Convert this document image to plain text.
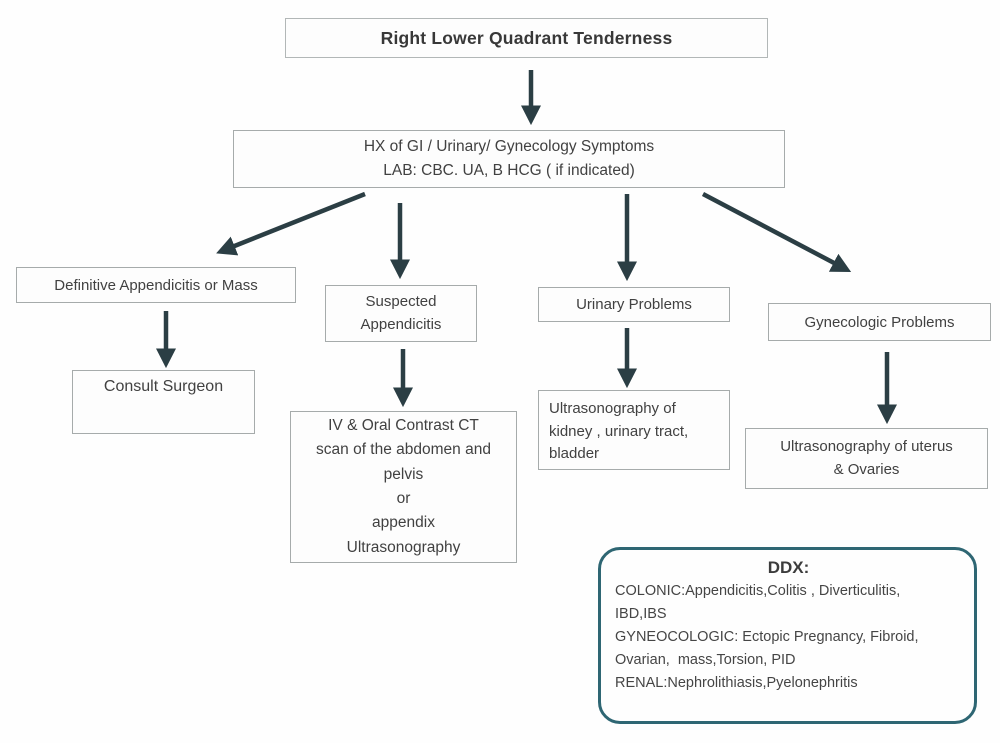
Right Lower Quadrant Tenderness
HX of GI / Urinary/ Gynecology Symptoms
LAB: CBC. UA, B HCG ( if indicated)
Definitive Appendicitis or Mass
Consult Surgeon
Suspected
Appendicitis
IV & Oral Contrast CT
scan of the abdomen and
pelvis
or
appendix
Ultrasonography
Urinary Problems
Ultrasonography of
kidney , urinary tract,
bladder
Gynecologic Problems
Ultrasonography of uterus
& Ovaries
DDX:
COLONIC:Appendicitis,Colitis , Diverticulitis,
IBD,IBS
GYNEOCOLOGIC: Ectopic Pregnancy, Fibroid,
Ovarian,  mass,Torsion, PID
RENAL:Nephrolithiasis,Pyelonephritis
